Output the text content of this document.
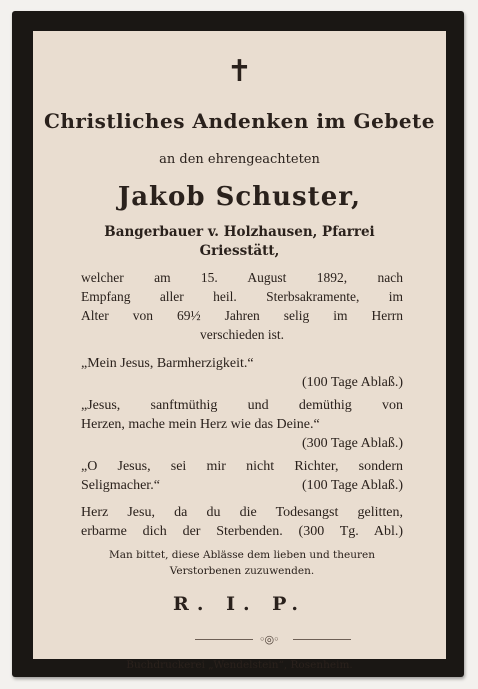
✝
Christliches Andenken im Gebete
an den ehrengeachteten
Jakob Schuster,
Bangerbauer v. Holzhausen, Pfarrei
Griesstätt,
welcher am 15. August 1892, nach
Empfang aller heil. Sterbsakramente, im
Alter von 69½ Jahren selig im Herrn
verschieden ist.
„Mein Jesus, Barmherzigkeit.“
(100 Tage Ablaß.)
„Jesus, sanftmüthig und demüthig von
Herzen, mache mein Herz wie das Deine.“
(300 Tage Ablaß.)
„O Jesus, sei mir nicht Richter, sondern
Seligmacher.“	(100 Tage Ablaß.)
Herz Jesu, da du die Todesangst gelitten,
erbarme dich der Sterbenden. (300 Tg. Abl.)
Man bittet, diese Ablässe dem lieben und theuren
Verstorbenen zuzuwenden.
R. I. P.
◦◎◦
Buchdruckerei „Wendelstein“, Rosenheim.
